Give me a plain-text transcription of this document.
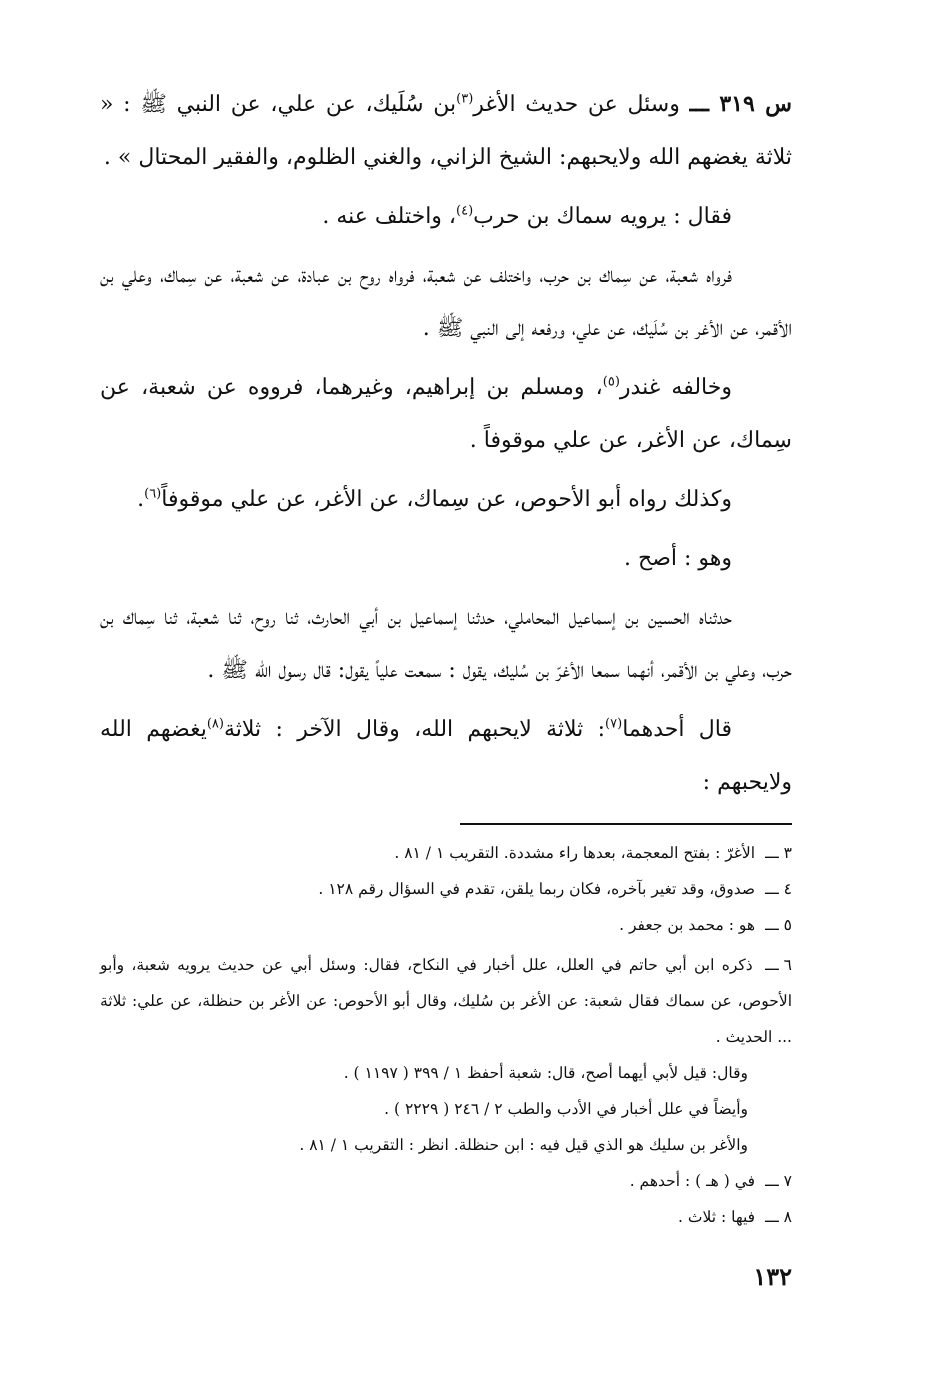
س ٣١٩ ـــ وسئل عن حديث الأغر$^{(٣)}$بن سُلَيك، عن علي، عن النبي ﷺ : « ثلاثة يغضهم الله ولايحبهم: الشيخ الزاني، والغني الظلوم، والفقير المحتال » .

فقال : يرويه سماك بن حرب$^{(٤)}$، واختلف عنه .

فرواه شعبة، عن سِماك بن حرب، واختلف عن شعبة، فرواه روح بن عبادة، عن شعبة، عن سِماك، وعلي بن الأقمر، عن الأغر بن سُلَيك، عن علي، ورفعه إلى النبي ﷺ .

وخالفه غندر$^{(٥)}$، ومسلم بن إبراهيم، وغيرهما، فرووه عن شعبة، عن سِماك، عن الأغر، عن علي موقوفاً .

وكذلك رواه أبو الأحوص، عن سِماك، عن الأغر، عن علي موقوفاً$^{(٦)}$.

وهو : أصح .

حدثناه الحسين بن إسماعيل المحاملي، حدثنا إسماعيل بن أبي الحارث، ثنا روح، ثنا شعبة، ثنا سِماك بن حرب، وعلي بن الأقمر، أنهما سمعا الأغرّ بن سُليك، يقول : سمعت علياً يقول: قال رسول الله ﷺ .

قال أحدهما$^{(٧)}$: ثلاثة لايحبهم الله، وقال الآخر : ثلاثة$^{(٨)}$يغضهم الله ولايحبهم :

٣ ـــ الأغرّ : بفتح المعجمة، بعدها راء مشددة. التقريب ١ / ٨١ .

٤ ـــ صدوق، وقد تغير بآخره، فكان ربما يلقن، تقدم في السؤال رقم ١٢٨ .

٥ ـــ هو : محمد بن جعفر .

٦ ـــ ذكره ابن أبي حاتم في العلل، علل أخبار في النكاح، فقال: وسئل أبي عن حديث يرويه شعبة، وأبو الأحوص، عن سماك فقال شعبة: عن الأغر بن سُليك، وقال أبو الأحوص: عن الأغر بن حنظلة، عن علي: ثلاثة ... الحديث .

وقال: قيل لأبي أيهما أصح، قال: شعبة أحفظ ١ / ٣٩٩ ( ١١٩٧ ) .

وأيضاً في علل أخبار في الأدب والطب ٢ / ٢٤٦ ( ٢٢٢٩ ) .

والأغر بن سليك هو الذي قيل فيه : ابن حنظلة. انظر : التقريب ١ / ٨١ .

٧ ـــ في ( هـ ) : أحدهم .

٨ ـــ فيها : ثلاث .

١٣٢
